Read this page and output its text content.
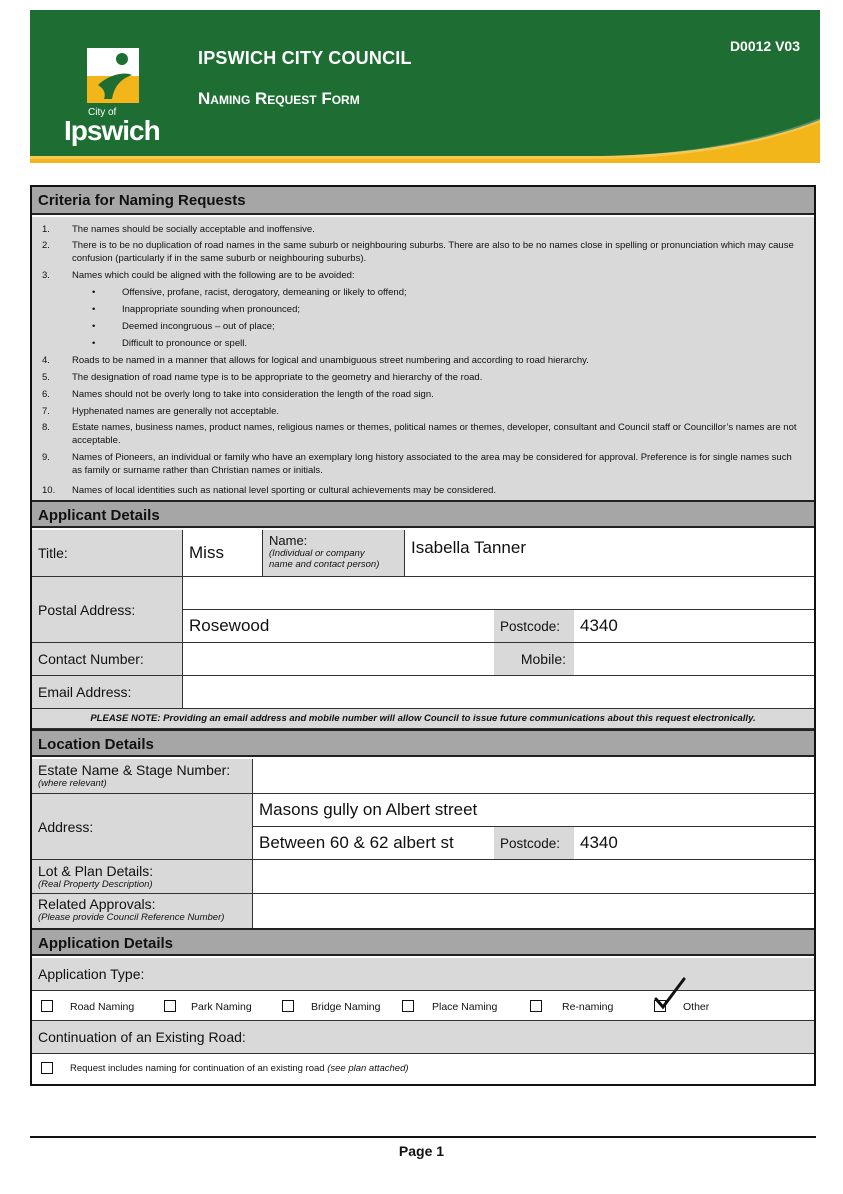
City of
Ipswich
IPSWICH CITY COUNCIL
Naming Request Form
D0012 V03
Criteria for Naming Requests
1.	The names should be socially acceptable and inoffensive.
2.	There is to be no duplication of road names in the same suburb or neighbouring suburbs. There are also to be no names close in spelling or pronunciation which may cause confusion (particularly if in the same suburb or neighbouring suburbs).
3.	Names which could be aligned with the following are to be avoided:
•	Offensive, profane, racist, derogatory, demeaning or likely to offend;
•	Inappropriate sounding when pronounced;
•	Deemed incongruous – out of place;
•	Difficult to pronounce or spell.
4.	Roads to be named in a manner that allows for logical and unambiguous street numbering and according to road hierarchy.
5.	The designation of road name type is to be appropriate to the geometry and hierarchy of the road.
6.	Names should not be overly long to take into consideration the length of the road sign.
7.	Hyphenated names are generally not acceptable.
8.	Estate names, business names, product names, religious names or themes, political names or themes, developer, consultant and Council staff or Councillor’s names are not acceptable.
9.	Names of Pioneers, an individual or family who have an exemplary long history associated to the area may be considered for approval. Preference is for single names such as family or surname rather than Christian names or initials.
10.	Names of local identities such as national level sporting or cultural achievements may be considered.
Applicant Details
Title:	Miss
Name:
(Individual or company
name and contact person)
Isabella Tanner
Postal Address:
Rosewood	Postcode:	4340
Contact Number:	Mobile:
Email Address:
PLEASE NOTE: Providing an email address and mobile number will allow Council to issue future communications about this request electronically.
Location Details
Estate Name & Stage Number:
(where relevant)
Address:
Masons gully on Albert street
Between 60 & 62 albert st	Postcode:	4340
Lot & Plan Details:
(Real Property Description)
Related Approvals:
(Please provide Council Reference Number)
Application Details
Application Type:
Road Naming	Park Naming	Bridge Naming	Place Naming	Re-naming	Other
Continuation of an Existing Road:
Request includes naming for continuation of an existing road (see plan attached)
Page 1
